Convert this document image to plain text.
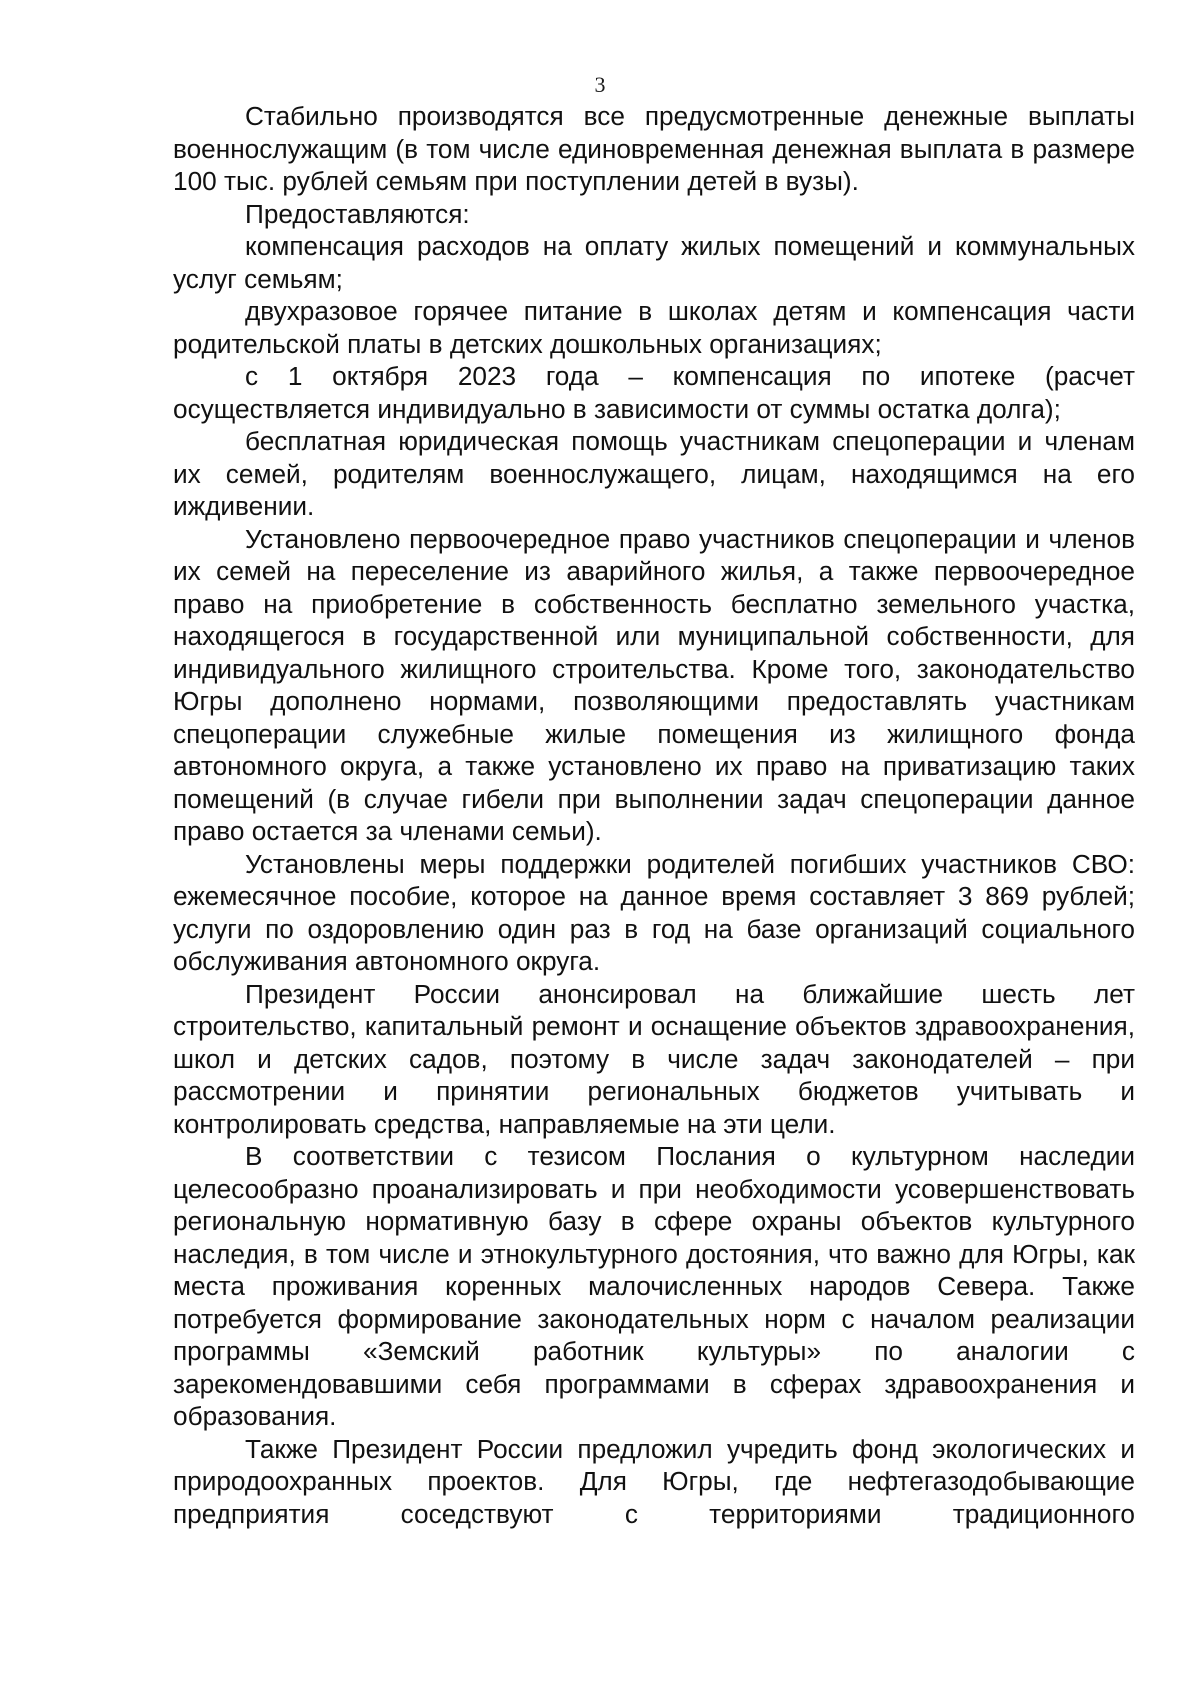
3

Стабильно производятся все предусмотренные денежные выплаты военнослужащим (в том числе единовременная денежная выплата в размере 100 тыс. рублей семьям при поступлении детей в вузы).

Предоставляются:

компенсация расходов на оплату жилых помещений и коммунальных услуг семьям;

двухразовое горячее питание в школах детям и компенсация части родительской платы в детских дошкольных организациях;

с 1 октября 2023 года – компенсация по ипотеке (расчет осуществляется индивидуально в зависимости от суммы остатка долга);

бесплатная юридическая помощь участникам спецоперации и членам их семей, родителям военнослужащего, лицам, находящимся на его иждивении.

Установлено первоочередное право участников спецоперации и членов их семей на переселение из аварийного жилья, а также первоочередное право на приобретение в собственность бесплатно земельного участка, находящегося в государственной или муниципальной собственности, для индивидуального жилищного строительства. Кроме того, законодательство Югры дополнено нормами, позволяющими предоставлять участникам спецоперации служебные жилые помещения из жилищного фонда автономного округа, а также установлено их право на приватизацию таких помещений (в случае гибели при выполнении задач спецоперации данное право остается за членами семьи).

Установлены меры поддержки родителей погибших участников СВО: ежемесячное пособие, которое на данное время составляет 3 869 рублей; услуги по оздоровлению один раз в год на базе организаций социального обслуживания автономного округа.

Президент России анонсировал на ближайшие шесть лет строительство, капитальный ремонт и оснащение объектов здравоохранения, школ и детских садов, поэтому в числе задач законодателей – при рассмотрении и принятии региональных бюджетов учитывать и контролировать средства, направляемые на эти цели.

В соответствии с тезисом Послания о культурном наследии целесообразно проанализировать и при необходимости усовершенствовать региональную нормативную базу в сфере охраны объектов культурного наследия, в том числе и этнокультурного достояния, что важно для Югры, как места проживания коренных малочисленных народов Севера. Также потребуется формирование законодательных норм с началом реализации программы «Земский работник культуры» по аналогии с зарекомендовавшими себя программами в сферах здравоохранения и образования.

Также Президент России предложил учредить фонд экологических и природоохранных проектов. Для Югры, где нефтегазодобывающие предприятия соседствуют с территориями традиционного
